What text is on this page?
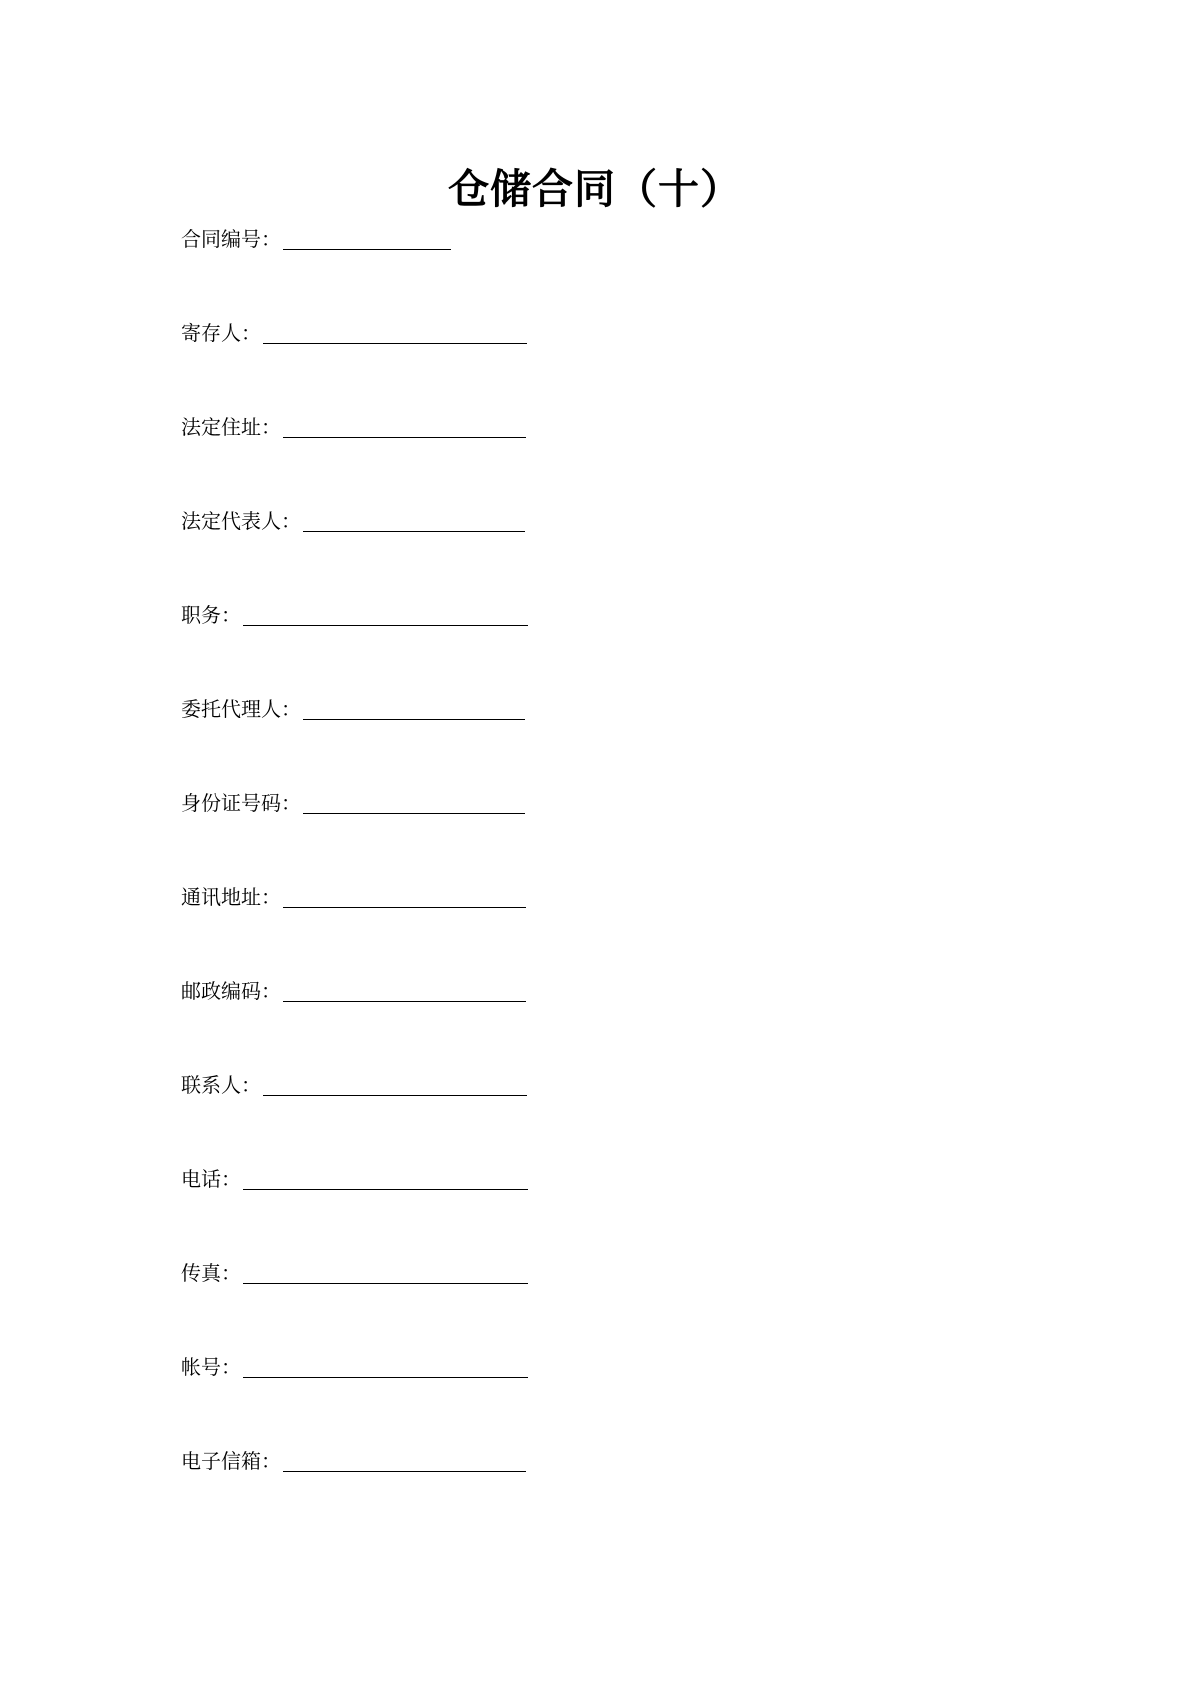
仓储合同（十）
合同编号：
寄存人：
法定住址：
法定代表人：
职务：
委托代理人：
身份证号码：
通讯地址：
邮政编码：
联系人：
电话：
传真：
帐号：
电子信箱：
